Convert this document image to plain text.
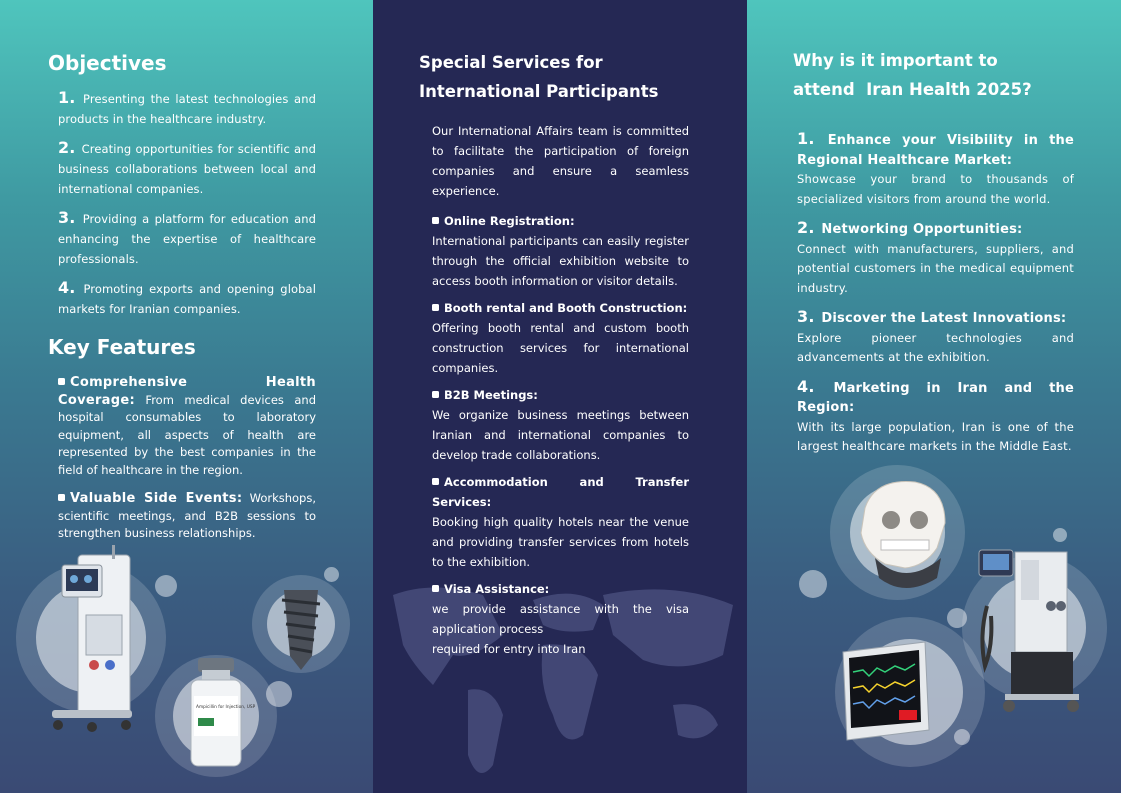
Objectives
1. Presenting the latest technologies and products in the healthcare industry.
2. Creating opportunities for scientific and business collaborations between local and international companies.
3. Providing a platform for education and enhancing the expertise of healthcare professionals.
4. Promoting exports and opening global markets for Iranian companies.
Key Features
Comprehensive Health Coverage: From medical devices and hospital consumables to laboratory equipment, all aspects of health are represented by the best companies in the field of healthcare in the region.
Valuable Side Events: Workshops, scientific meetings, and B2B sessions to strengthen business relationships.
Ampicillin for Injection, USP
Special Services for
International Participants
Our International Affairs team is committed to facilitate the participation of foreign companies and ensure a seamless experience.
Online Registration:
International participants can easily register through the official exhibition website to access booth information or visitor details.
Booth rental and Booth Construction:
Offering booth rental and custom booth construction services for international companies.
B2B Meetings:
We organize business meetings between Iranian and international companies to develop trade collaborations.
Accommodation and Transfer Services:
Booking high quality hotels near the venue and providing transfer services from hotels to the exhibition.
Visa Assistance:
we provide assistance with the visa application process

required for entry into Iran
Why is it important to
attend  Iran Health 2025?
1. Enhance your Visibility in the Regional Healthcare Market:
Showcase your brand to thousands of specialized visitors from around the world.
2. Networking Opportunities:
Connect with manufacturers, suppliers, and potential customers in the medical equipment industry.
3. Discover the Latest Innovations:
Explore pioneer technologies and advancements at the exhibition.
4. Marketing in Iran and the Region:
With its large population, Iran is one of the largest healthcare markets in the Middle East.
